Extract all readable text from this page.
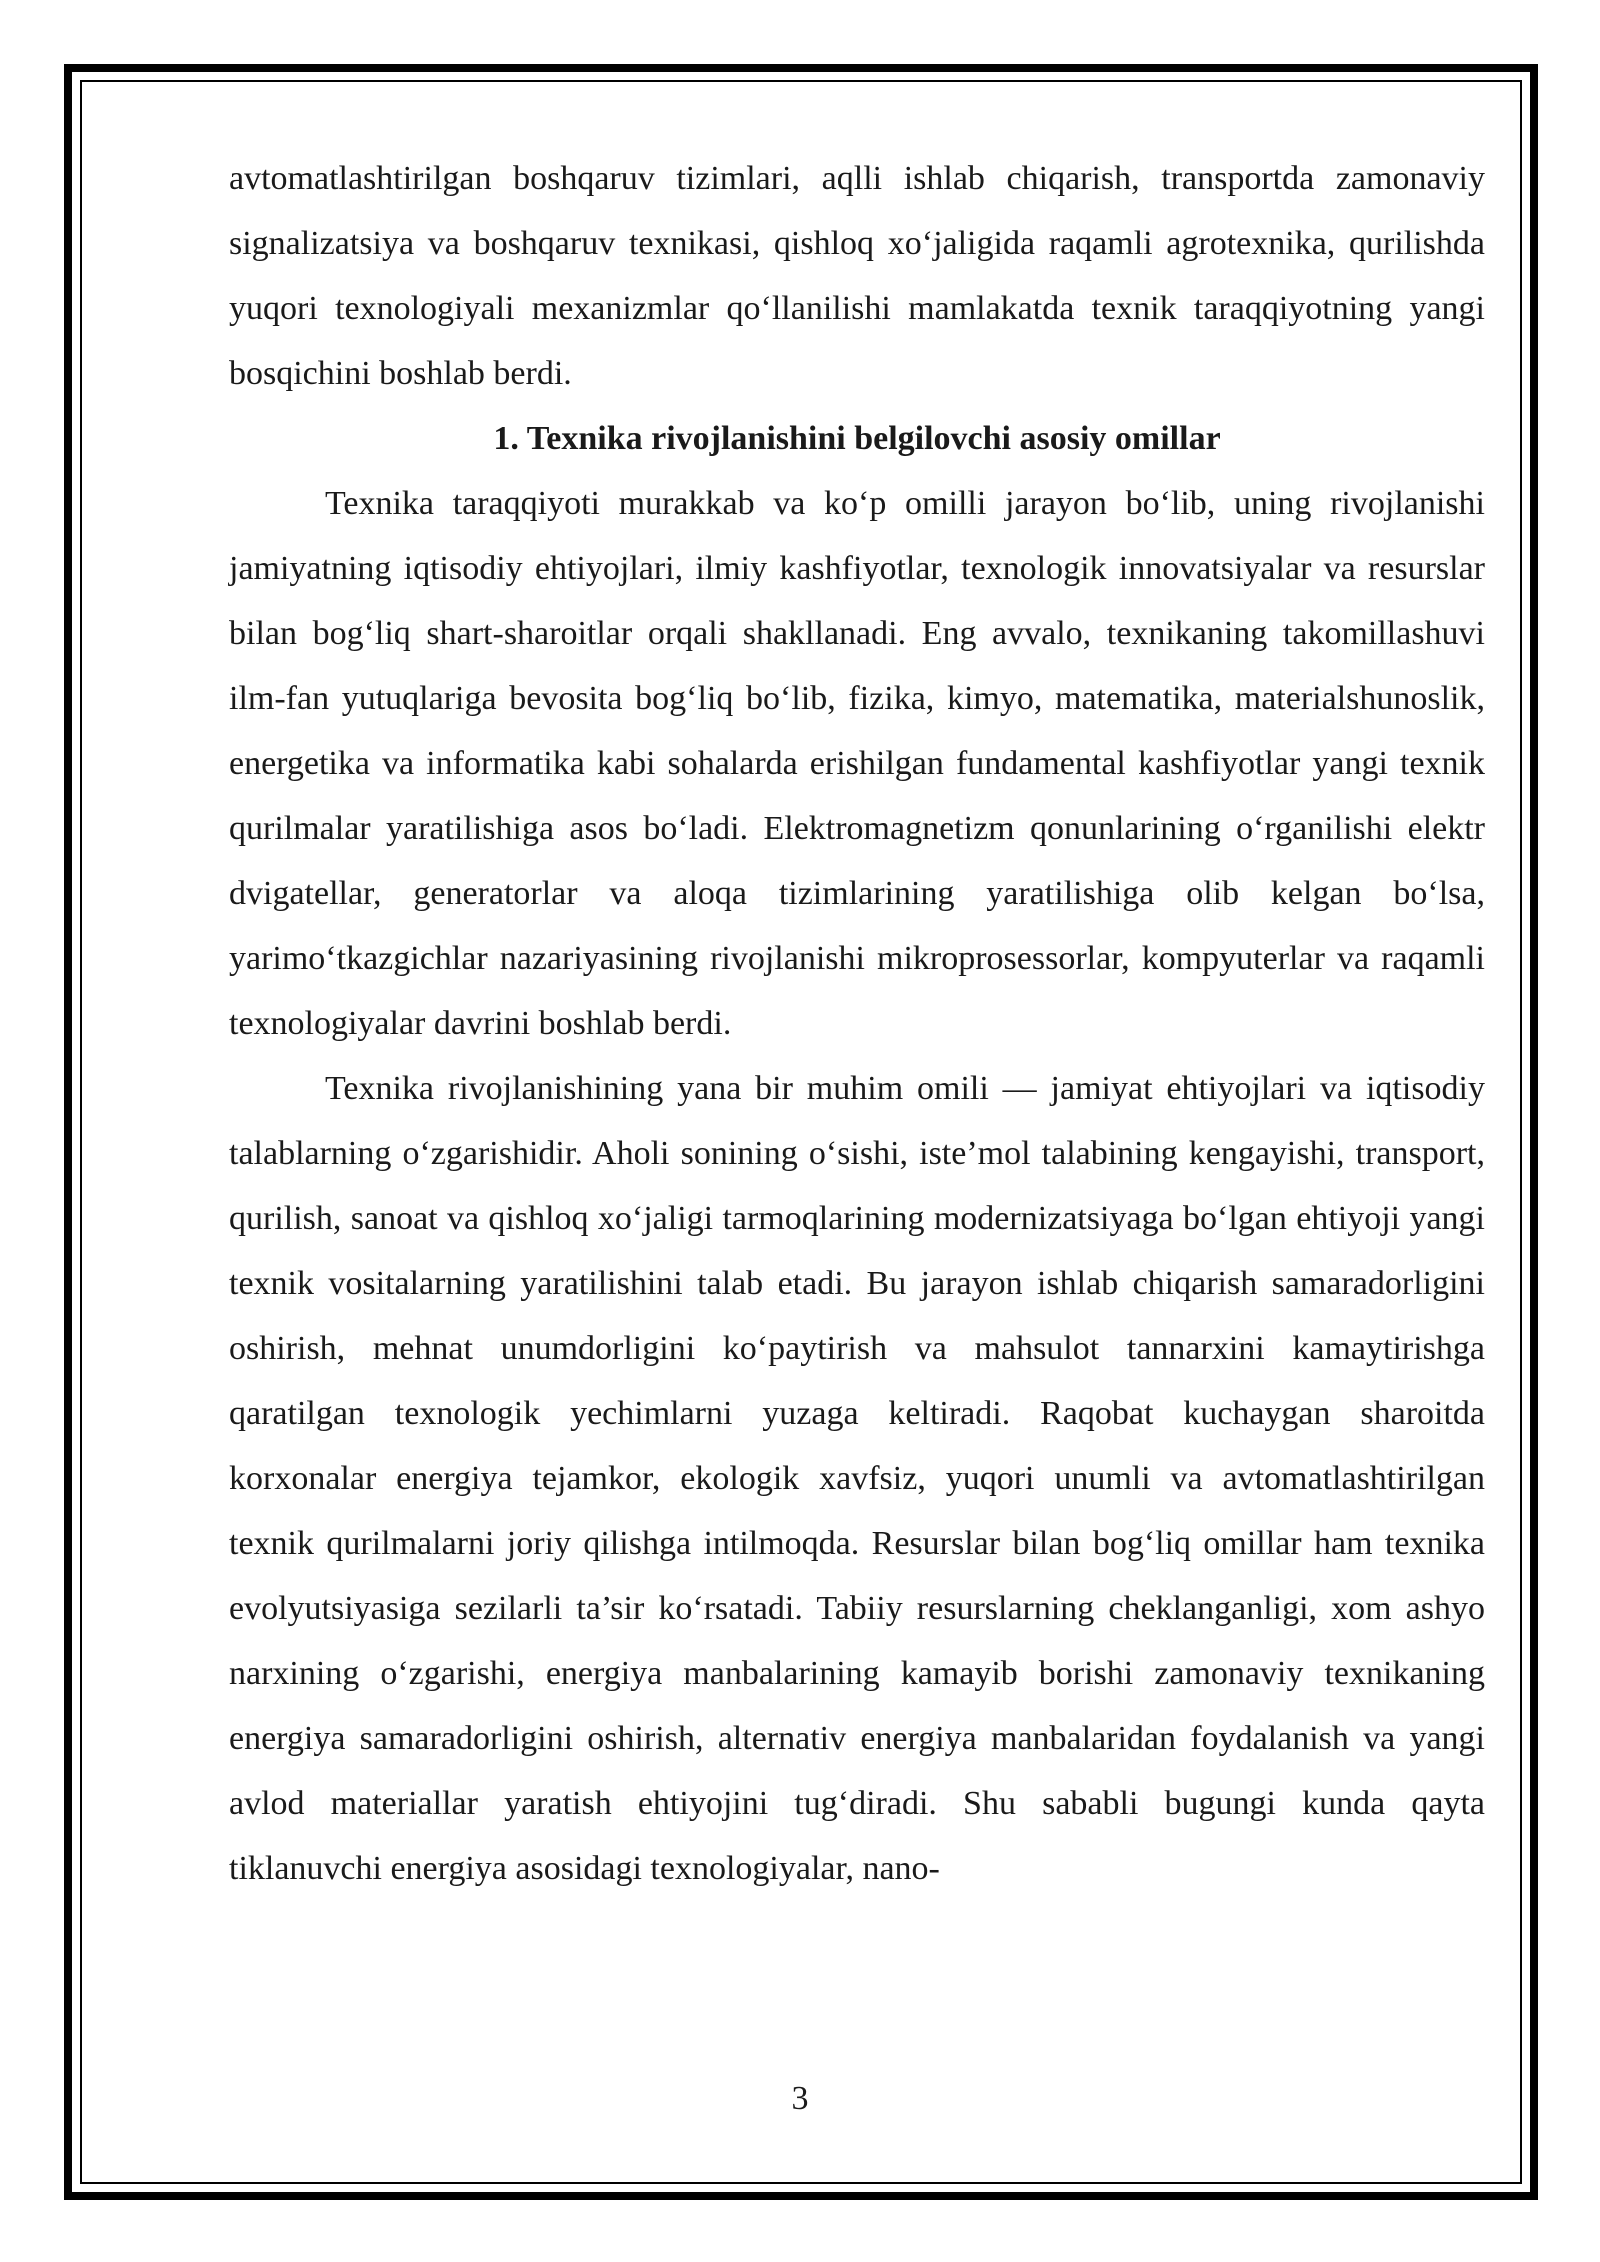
avtomatlashtirilgan boshqaruv tizimlari, aqlli ishlab chiqarish, transportda zamonaviy signalizatsiya va boshqaruv texnikasi, qishloq xo‘jaligida raqamli agrotexnika, qurilishda yuqori texnologiyali mexanizmlar qo‘llanilishi mamlakatda texnik taraqqiyotning yangi bosqichini boshlab berdi.

1. Texnika rivojlanishini belgilovchi asosiy omillar

Texnika taraqqiyoti murakkab va ko‘p omilli jarayon bo‘lib, uning rivojlanishi jamiyatning iqtisodiy ehtiyojlari, ilmiy kashfiyotlar, texnologik innovatsiyalar va resurslar bilan bog‘liq shart-sharoitlar orqali shakllanadi. Eng avvalo, texnikaning takomillashuvi ilm-fan yutuqlariga bevosita bog‘liq bo‘lib, fizika, kimyo, matematika, materialshunoslik, energetika va informatika kabi sohalarda erishilgan fundamental kashfiyotlar yangi texnik qurilmalar yaratilishiga asos bo‘ladi. Elektromagnetizm qonunlarining o‘rganilishi elektr dvigatellar, generatorlar va aloqa tizimlarining yaratilishiga olib kelgan bo‘lsa, yarimo‘tkazgichlar nazariyasining rivojlanishi mikroprosessorlar, kompyuterlar va raqamli texnologiyalar davrini boshlab berdi.

Texnika rivojlanishining yana bir muhim omili — jamiyat ehtiyojlari va iqtisodiy talablarning o‘zgarishidir. Aholi sonining o‘sishi, iste’mol talabining kengayishi, transport, qurilish, sanoat va qishloq xo‘jaligi tarmoqlarining modernizatsiyaga bo‘lgan ehtiyoji yangi texnik vositalarning yaratilishini talab etadi. Bu jarayon ishlab chiqarish samaradorligini oshirish, mehnat unumdorligini ko‘paytirish va mahsulot tannarxini kamaytirishga qaratilgan texnologik yechimlarni yuzaga keltiradi. Raqobat kuchaygan sharoitda korxonalar energiya tejamkor, ekologik xavfsiz, yuqori unumli va avtomatlashtirilgan texnik qurilmalarni joriy qilishga intilmoqda. Resurslar bilan bog‘liq omillar ham texnika evolyutsiyasiga sezilarli ta’sir ko‘rsatadi. Tabiiy resurslarning cheklanganligi, xom ashyo narxining o‘zgarishi, energiya manbalarining kamayib borishi zamonaviy texnikaning energiya samaradorligini oshirish, alternativ energiya manbalaridan foydalanish va yangi avlod materiallar yaratish ehtiyojini tug‘diradi. Shu sababli bugungi kunda qayta tiklanuvchi energiya asosidagi texnologiyalar, nano-

3
